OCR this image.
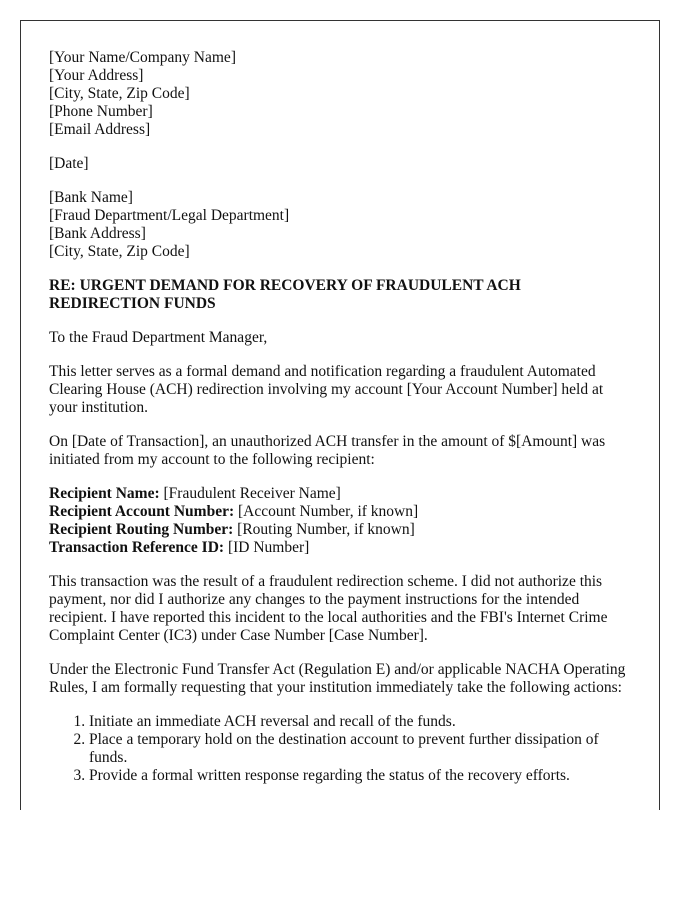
[Your Name/Company Name]
[Your Address]
[City, State, Zip Code]
[Phone Number]
[Email Address]
[Date]
[Bank Name]
[Fraud Department/Legal Department]
[Bank Address]
[City, State, Zip Code]
RE: URGENT DEMAND FOR RECOVERY OF FRAUDULENT ACH REDIRECTION FUNDS

To the Fraud Department Manager,

This letter serves as a formal demand and notification regarding a fraudulent Automated Clearing House (ACH) redirection involving my account [Your Account Number] held at your institution.

On [Date of Transaction], an unauthorized ACH transfer in the amount of $[Amount] was initiated from my account to the following recipient:

Recipient Name: [Fraudulent Receiver Name]
Recipient Account Number: [Account Number, if known]
Recipient Routing Number: [Routing Number, if known]
Transaction Reference ID: [ID Number]

This transaction was the result of a fraudulent redirection scheme. I did not authorize this payment, nor did I authorize any changes to the payment instructions for the intended recipient. I have reported this incident to the local authorities and the FBI's Internet Crime Complaint Center (IC3) under Case Number [Case Number].

Under the Electronic Fund Transfer Act (Regulation E) and/or applicable NACHA Operating Rules, I am formally requesting that your institution immediately take the following actions:

1. Initiate an immediate ACH reversal and recall of the funds.
2. Place a temporary hold on the destination account to prevent further dissipation of funds.
3. Provide a formal written response regarding the status of the recovery efforts.
